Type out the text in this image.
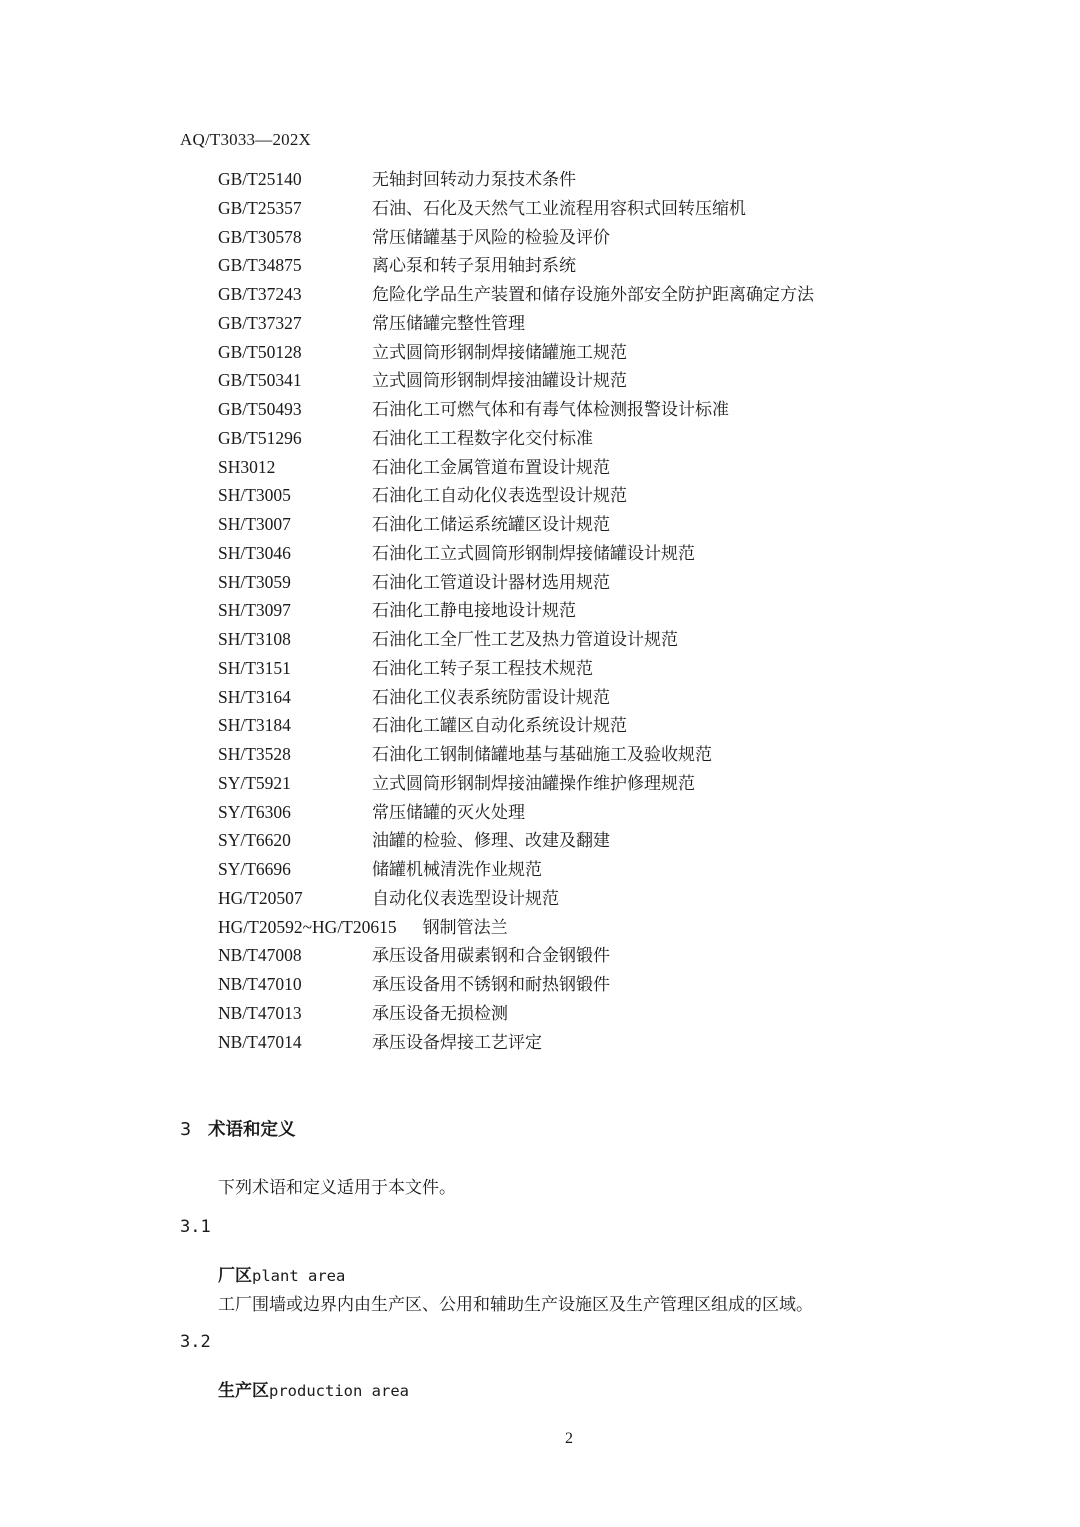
AQ/T3033—202X
GB/T25140	无轴封回转动力泵技术条件
GB/T25357	石油、石化及天然气工业流程用容积式回转压缩机
GB/T30578	常压储罐基于风险的检验及评价
GB/T34875	离心泵和转子泵用轴封系统
GB/T37243	危险化学品生产装置和储存设施外部安全防护距离确定方法
GB/T37327	常压储罐完整性管理
GB/T50128	立式圆筒形钢制焊接储罐施工规范
GB/T50341	立式圆筒形钢制焊接油罐设计规范
GB/T50493	石油化工可燃气体和有毒气体检测报警设计标准
GB/T51296	石油化工工程数字化交付标准
SH3012	石油化工金属管道布置设计规范
SH/T3005	石油化工自动化仪表选型设计规范
SH/T3007	石油化工储运系统罐区设计规范
SH/T3046	石油化工立式圆筒形钢制焊接储罐设计规范
SH/T3059	石油化工管道设计器材选用规范
SH/T3097	石油化工静电接地设计规范
SH/T3108	石油化工全厂性工艺及热力管道设计规范
SH/T3151	石油化工转子泵工程技术规范
SH/T3164	石油化工仪表系统防雷设计规范
SH/T3184	石油化工罐区自动化系统设计规范
SH/T3528	石油化工钢制储罐地基与基础施工及验收规范
SY/T5921	立式圆筒形钢制焊接油罐操作维护修理规范
SY/T6306	常压储罐的灭火处理
SY/T6620	油罐的检验、修理、改建及翻建
SY/T6696	储罐机械清洗作业规范
HG/T20507	自动化仪表选型设计规范
HG/T20592~HG/T20615 钢制管法兰
NB/T47008	承压设备用碳素钢和合金钢锻件
NB/T47010	承压设备用不锈钢和耐热钢锻件
NB/T47013	承压设备无损检测
NB/T47014	承压设备焊接工艺评定
3 术语和定义
下列术语和定义适用于本文件。
3.1
厂区plant area
工厂围墙或边界内由生产区、公用和辅助生产设施区及生产管理区组成的区域。
3.2
生产区production area
2
